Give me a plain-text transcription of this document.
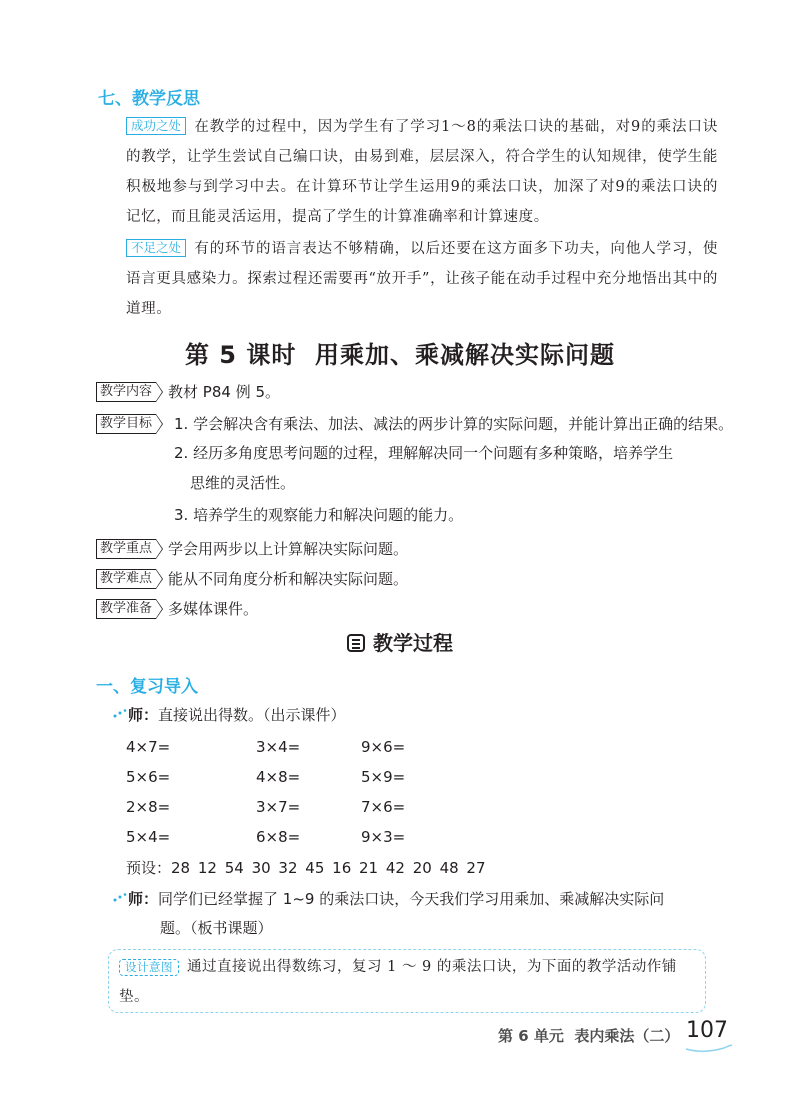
七、教学反思
成功之处 在教学的过程中，因为学生有了学习1～8的乘法口诀的基础，对9的乘法口诀的教学，让学生尝试自己编口诀，由易到难，层层深入，符合学生的认知规律，使学生能积极地参与到学习中去。在计算环节让学生运用9的乘法口诀，加深了对9的乘法口诀的记忆，而且能灵活运用，提高了学生的计算准确率和计算速度。
不足之处 有的环节的语言表达不够精确，以后还要在这方面多下功夫，向他人学习，使语言更具感染力。探索过程还需要再“放开手”，让孩子能在动手过程中充分地悟出其中的道理。
第 5 课时  用乘加、乘减解决实际问题
教学内容 教材 P84 例 5。
教学目标 1. 学会解决含有乘法、加法、减法的两步计算的实际问题，并能计算出正确的结果。
2. 经历多角度思考问题的过程，理解解决同一个问题有多种策略，培养学生
思维的灵活性。
3. 培养学生的观察能力和解决问题的能力。
教学重点 学会用两步以上计算解决实际问题。
教学难点 能从不同角度分析和解决实际问题。
教学准备 多媒体课件。
教学过程
一、复习导入
师：直接说出得数。（出示课件）
4×7=	3×4=	9×6=
5×6=	4×8=	5×9=
2×8=	3×7=	7×6=
5×4=	6×8=	9×3=
预设：28 12 54 30 32 45 16 21 42 20 48 27
师：同学们已经掌握了 1~9 的乘法口诀，今天我们学习用乘加、乘减解决实际问
题。（板书课题）
设计意图 通过直接说出得数练习，复习 1 ～ 9 的乘法口诀，为下面的教学活动作铺垫。
第 6 单元  表内乘法（二） 107
